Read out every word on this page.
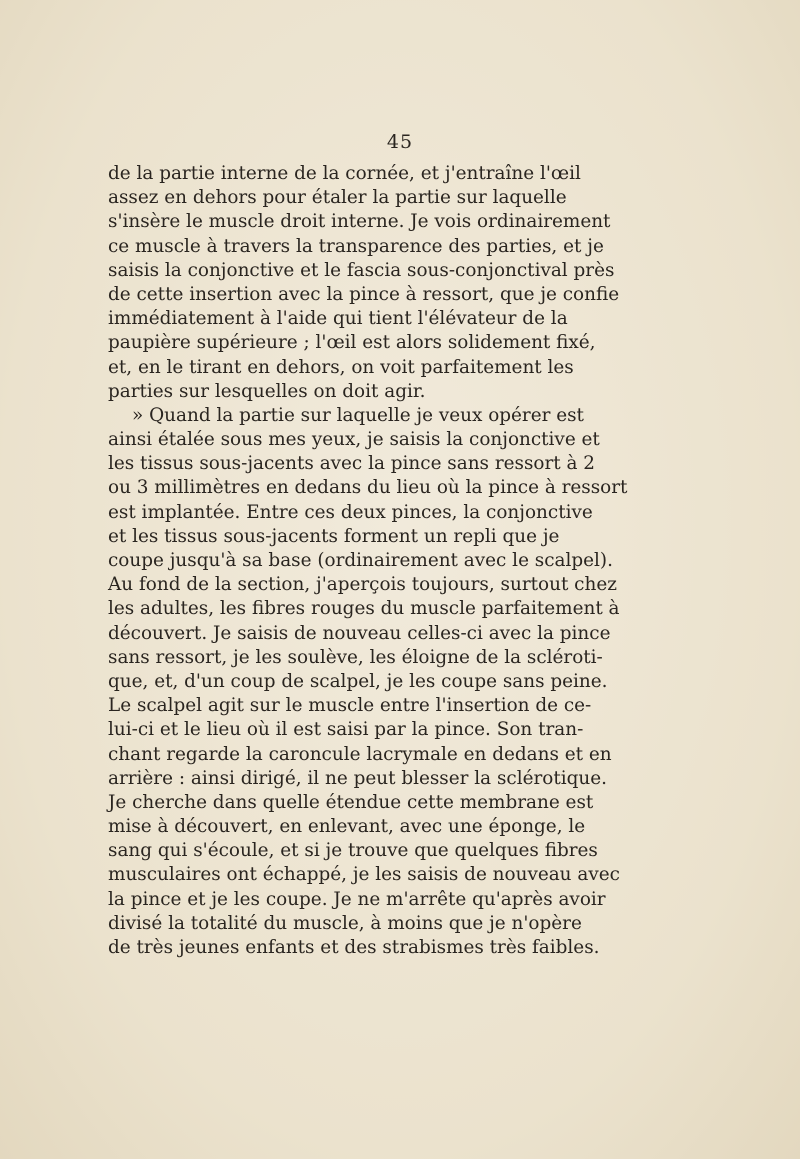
45
de la partie interne de la cornée, et j'entraîne l'œil
assez en dehors pour étaler la partie sur laquelle
s'insère le muscle droit interne. Je vois ordinairement
ce muscle à travers la transparence des parties, et je
saisis la conjonctive et le fascia sous-conjonctival près
de cette insertion avec la pince à ressort, que je confie
immédiatement à l'aide qui tient l'élévateur de la
paupière supérieure ; l'œil est alors solidement fixé,
et, en le tirant en dehors, on voit parfaitement les
parties sur lesquelles on doit agir.
» Quand la partie sur laquelle je veux opérer est
ainsi étalée sous mes yeux, je saisis la conjonctive et
les tissus sous-jacents avec la pince sans ressort à 2
ou 3 millimètres en dedans du lieu où la pince à ressort
est implantée. Entre ces deux pinces, la conjonctive
et les tissus sous-jacents forment un repli que je
coupe jusqu'à sa base (ordinairement avec le scalpel).
Au fond de la section, j'aperçois toujours, surtout chez
les adultes, les fibres rouges du muscle parfaitement à
découvert. Je saisis de nouveau celles-ci avec la pince
sans ressort, je les soulève, les éloigne de la scléroti-
que, et, d'un coup de scalpel, je les coupe sans peine.
Le scalpel agit sur le muscle entre l'insertion de ce-
lui-ci et le lieu où il est saisi par la pince. Son tran-
chant regarde la caroncule lacrymale en dedans et en
arrière : ainsi dirigé, il ne peut blesser la sclérotique.
Je cherche dans quelle étendue cette membrane est
mise à découvert, en enlevant, avec une éponge, le
sang qui s'écoule, et si je trouve que quelques fibres
musculaires ont échappé, je les saisis de nouveau avec
la pince et je les coupe. Je ne m'arrête qu'après avoir
divisé la totalité du muscle, à moins que je n'opère
de très jeunes enfants et des strabismes très faibles.
